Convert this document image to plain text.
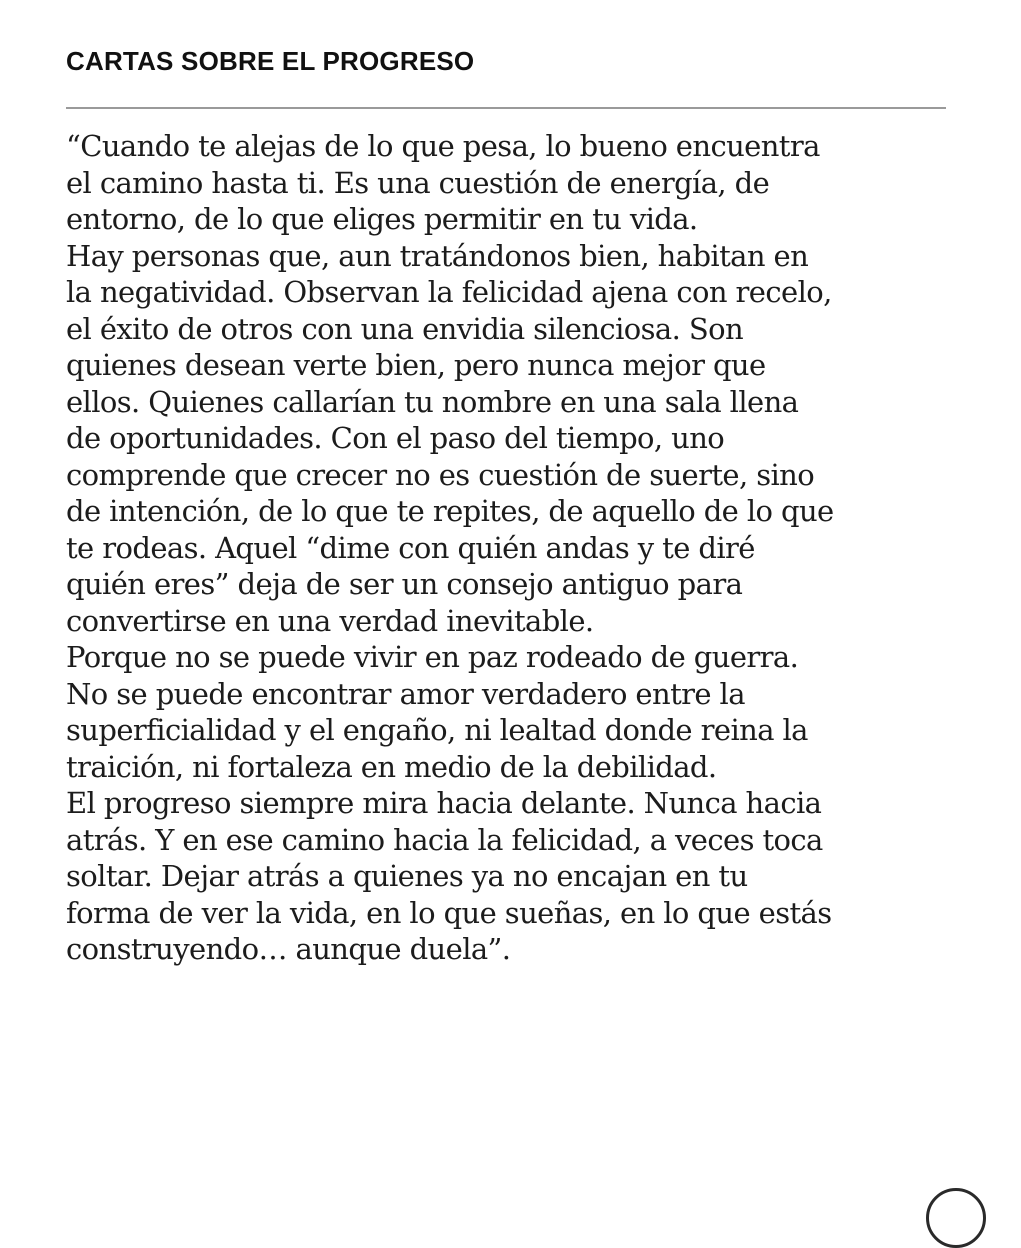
CARTAS SOBRE EL PROGRESO
“Cuando te alejas de lo que pesa, lo bueno encuentra
el camino hasta ti. Es una cuestión de energía, de
entorno, de lo que eliges permitir en tu vida.
Hay personas que, aun tratándonos bien, habitan en
la negatividad. Observan la felicidad ajena con recelo,
el éxito de otros con una envidia silenciosa. Son
quienes desean verte bien, pero nunca mejor que
ellos. Quienes callarían tu nombre en una sala llena
de oportunidades. Con el paso del tiempo, uno
comprende que crecer no es cuestión de suerte, sino
de intención, de lo que te repites, de aquello de lo que
te rodeas. Aquel “dime con quién andas y te diré
quién eres” deja de ser un consejo antiguo para
convertirse en una verdad inevitable.
Porque no se puede vivir en paz rodeado de guerra.
No se puede encontrar amor verdadero entre la
superficialidad y el engaño, ni lealtad donde reina la
traición, ni fortaleza en medio de la debilidad.
El progreso siempre mira hacia delante. Nunca hacia
atrás. Y en ese camino hacia la felicidad, a veces toca
soltar. Dejar atrás a quienes ya no encajan en tu
forma de ver la vida, en lo que sueñas, en lo que estás
construyendo… aunque duela”.
